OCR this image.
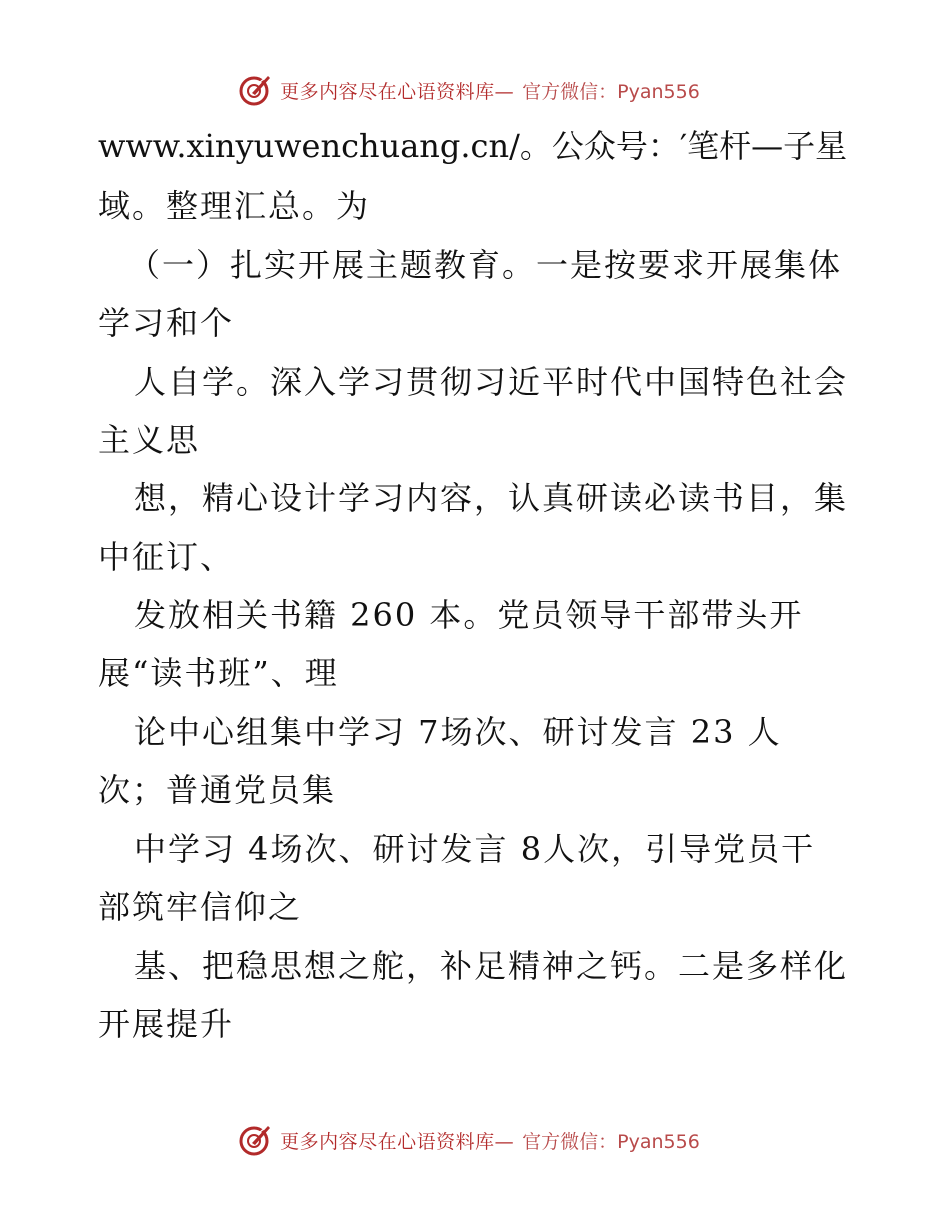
更多内容尽在心语资料库— 官方微信：Pyan556
www.xinyuwenchuang.cn/。公众号：′笔杆—子星
域。整理汇总。为
（一）扎实开展主题教育。一是按要求开展集体
学习和个
人自学。深入学习贯彻习近平时代中国特色社会
主义思
想，精心设计学习内容，认真研读必读书目，集
中征订、
发放相关书籍 260 本。党员领导干部带头开
展“读书班”、理
论中心组集中学习 7场次、研讨发言 23 人
次；普通党员集
中学习 4场次、研讨发言 8人次，引导党员干
部筑牢信仰之
基、把稳思想之舵，补足精神之钙。二是多样化
开展提升
更多内容尽在心语资料库— 官方微信：Pyan556
